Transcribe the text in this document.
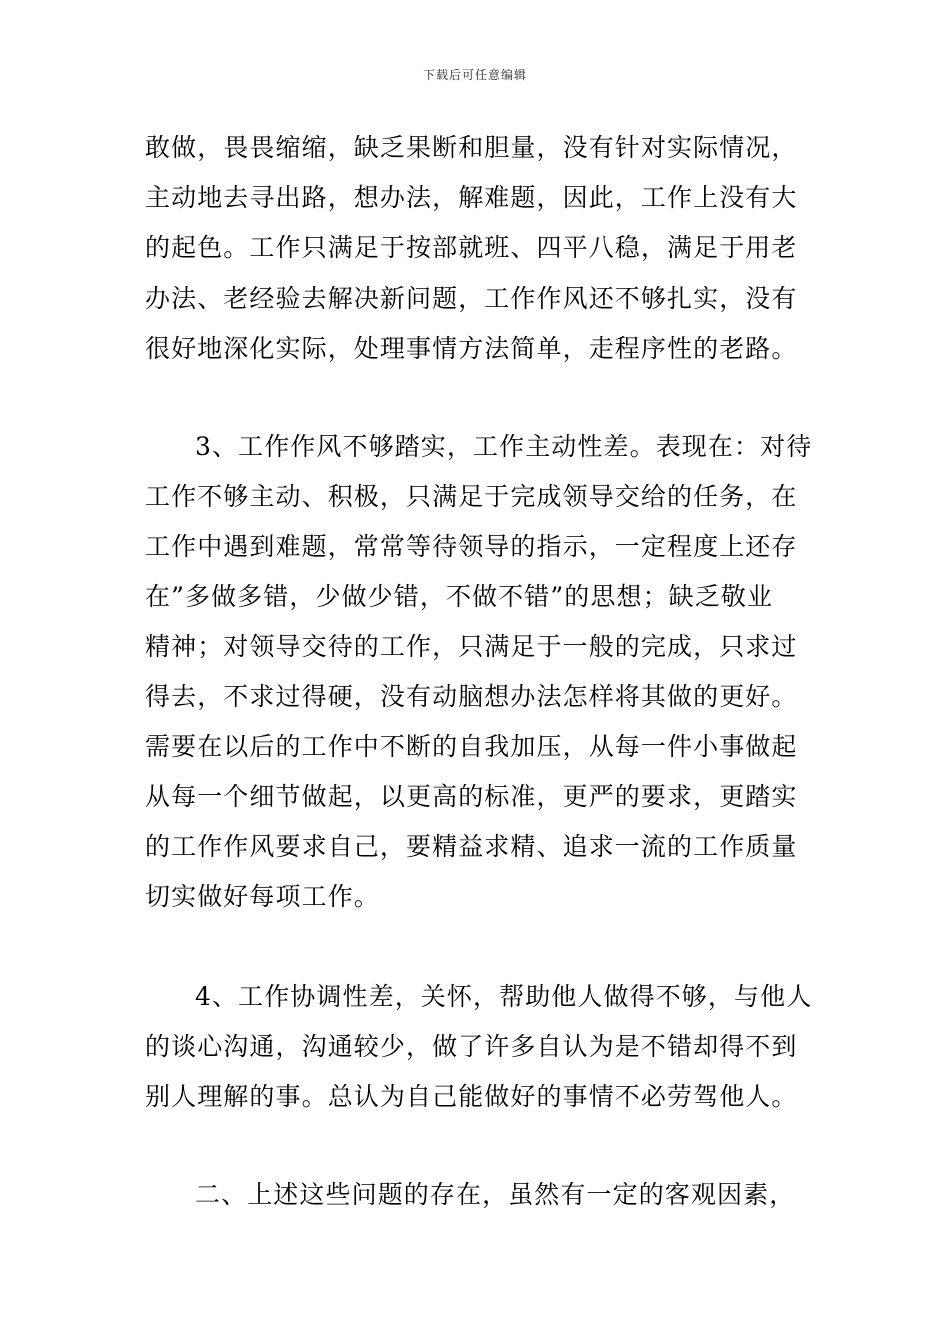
下载后可任意编辑
敢做，畏畏缩缩，缺乏果断和胆量，没有针对实际情况，
主动地去寻出路，想办法，解难题，因此，工作上没有大
的起色。工作只满足于按部就班、四平八稳，满足于用老
办法、老经验去解决新问题，工作作风还不够扎实，没有
很好地深化实际，处理事情方法简单，走程序性的老路。
3、工作作风不够踏实，工作主动性差。表现在：对待
工作不够主动、积极，只满足于完成领导交给的任务，在
工作中遇到难题，常常等待领导的指示，一定程度上还存
在”多做多错，少做少错，不做不错”的思想；缺乏敬业
精神；对领导交待的工作，只满足于一般的完成，只求过
得去，不求过得硬，没有动脑想办法怎样将其做的更好。
需要在以后的工作中不断的自我加压，从每一件小事做起
从每一个细节做起，以更高的标准，更严的要求，更踏实
的工作作风要求自己，要精益求精、追求一流的工作质量
切实做好每项工作。
4、工作协调性差，关怀，帮助他人做得不够，与他人
的谈心沟通，沟通较少，做了许多自认为是不错却得不到
别人理解的事。总认为自己能做好的事情不必劳驾他人。
二、上述这些问题的存在，虽然有一定的客观因素，
